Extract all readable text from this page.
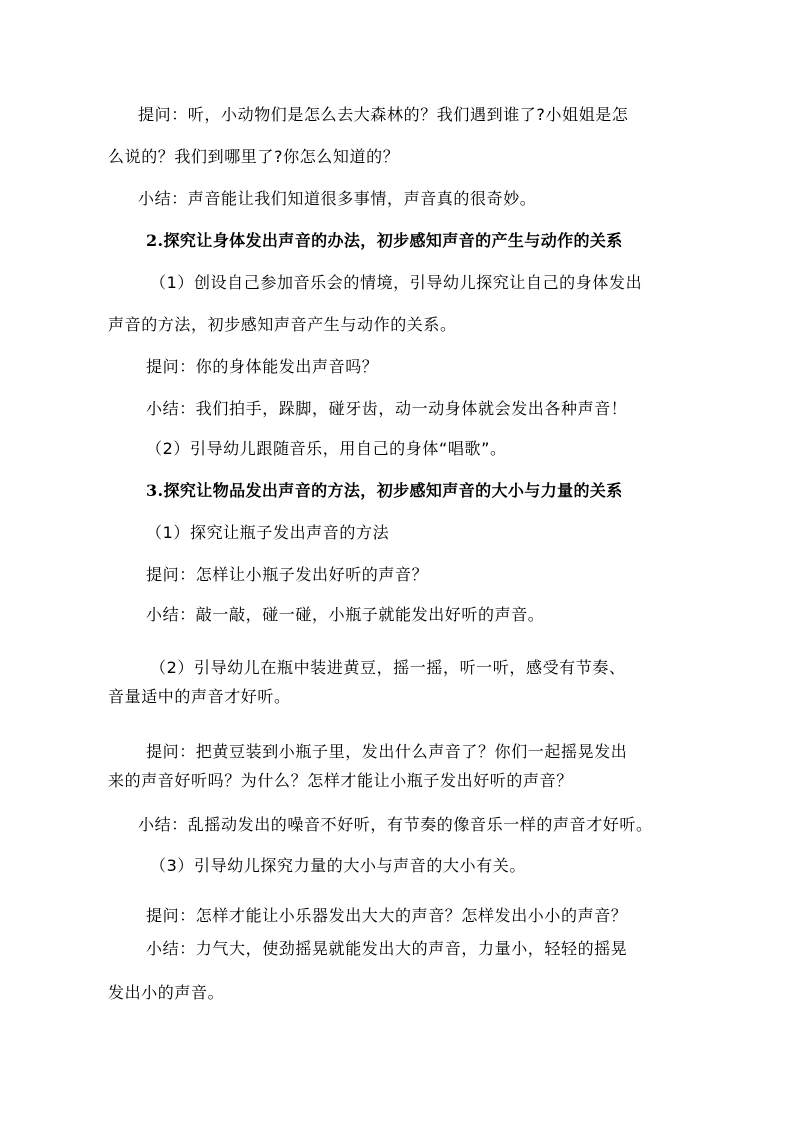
提问：听，小动物们是怎么去大森林的？我们遇到谁了?小姐姐是怎
么说的？我们到哪里了?你怎么知道的？
小结：声音能让我们知道很多事情，声音真的很奇妙。
2.探究让身体发出声音的办法，初步感知声音的产生与动作的关系
（1）创设自己参加音乐会的情境，引导幼儿探究让自己的身体发出
声音的方法，初步感知声音产生与动作的关系。
提问：你的身体能发出声音吗？
小结：我们拍手，跺脚，碰牙齿，动一动身体就会发出各种声音！
（2）引导幼儿跟随音乐，用自己的身体“唱歌”。
3.探究让物品发出声音的方法，初步感知声音的大小与力量的关系
（1）探究让瓶子发出声音的方法
提问：怎样让小瓶子发出好听的声音？
小结：敲一敲，碰一碰，小瓶子就能发出好听的声音。
（2）引导幼儿在瓶中装进黄豆，摇一摇，听一听，感受有节奏、
音量适中的声音才好听。
提问：把黄豆装到小瓶子里，发出什么声音了？你们一起摇晃发出
来的声音好听吗？为什么？怎样才能让小瓶子发出好听的声音？
小结：乱摇动发出的噪音不好听，有节奏的像音乐一样的声音才好听。
（3）引导幼儿探究力量的大小与声音的大小有关。
提问：怎样才能让小乐器发出大大的声音？怎样发出小小的声音？
小结：力气大，使劲摇晃就能发出大的声音，力量小，轻轻的摇晃
发出小的声音。
